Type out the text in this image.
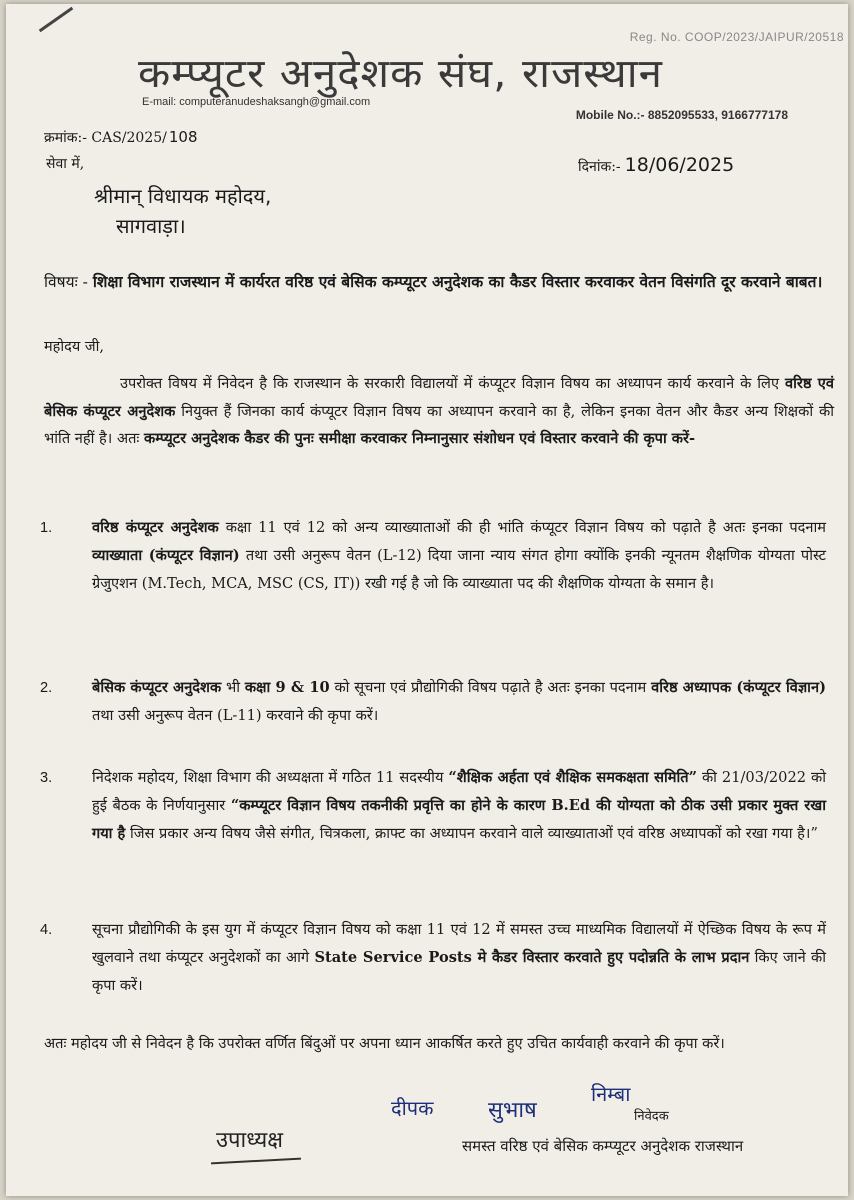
Reg. No. COOP/2023/JAIPUR/20518
कम्प्यूटर अनुदेशक संघ, राजस्थान
E-mail: computeranudeshaksangh@gmail.com
Mobile No.:- 8852095533, 9166777178
क्रमांक:- CAS/2025/ 108
सेवा में,	दिनांक:- 18/06/2025
श्रीमान् विधायक महोदय,
सागवाड़ा।
विषयः - शिक्षा विभाग राजस्थान में कार्यरत वरिष्ठ एवं बेसिक कम्प्यूटर अनुदेशक का कैडर विस्तार करवाकर वेतन विसंगति दूर करवाने बाबत।
महोदय जी,
उपरोक्त विषय में निवेदन है कि राजस्थान के सरकारी विद्यालयों में कंप्यूटर विज्ञान विषय का अध्यापन कार्य करवाने के लिए वरिष्ठ एवं बेसिक कंप्यूटर अनुदेशक नियुक्त हैं जिनका कार्य कंप्यूटर विज्ञान विषय का अध्यापन करवाने का है, लेकिन इनका वेतन और कैडर अन्य शिक्षकों की भांति नहीं है। अतः कम्प्यूटर अनुदेशक कैडर की पुनः समीक्षा करवाकर निम्नानुसार संशोधन एवं विस्तार करवाने की कृपा करें-
1.	वरिष्ठ कंप्यूटर अनुदेशक कक्षा 11 एवं 12 को अन्य व्याख्याताओं की ही भांति कंप्यूटर विज्ञान विषय को पढ़ाते है अतः इनका पदनाम व्याख्याता (कंप्यूटर विज्ञान) तथा उसी अनुरूप वेतन (L-12) दिया जाना न्याय संगत होगा क्योंकि इनकी न्यूनतम शैक्षणिक योग्यता पोस्ट ग्रेजुएशन (M.Tech, MCA, MSC (CS, IT)) रखी गई है जो कि व्याख्याता पद की शैक्षणिक योग्यता के समान है।
2.	बेसिक कंप्यूटर अनुदेशक भी कक्षा 9 & 10 को सूचना एवं प्रौद्योगिकी विषय पढ़ाते है अतः इनका पदनाम वरिष्ठ अध्यापक (कंप्यूटर विज्ञान) तथा उसी अनुरूप वेतन (L-11) करवाने की कृपा करें।
3.	निदेशक महोदय, शिक्षा विभाग की अध्यक्षता में गठित 11 सदस्यीय “शैक्षिक अर्हता एवं शैक्षिक समकक्षता समिति” की 21/03/2022 को हुई बैठक के निर्णयानुसार “कम्प्यूटर विज्ञान विषय तकनीकी प्रवृत्ति का होने के कारण B.Ed की योग्यता को ठीक उसी प्रकार मुक्त रखा गया है जिस प्रकार अन्य विषय जैसे संगीत, चित्रकला, क्राफ्ट का अध्यापन करवाने वाले व्याख्याताओं एवं वरिष्ठ अध्यापकों को रखा गया है।”
4.	सूचना प्रौद्योगिकी के इस युग में कंप्यूटर विज्ञान विषय को कक्षा 11 एवं 12 में समस्त उच्च माध्यमिक विद्यालयों में ऐच्छिक विषय के रूप में खुलवाने तथा कंप्यूटर अनुदेशकों का आगे State Service Posts मे कैडर विस्तार करवाते हुए पदोन्नति के लाभ प्रदान किए जाने की कृपा करें।
अतः महोदय जी से निवेदन है कि उपरोक्त वर्णित बिंदुओं पर अपना ध्यान आकर्षित करते हुए उचित कार्यवाही करवाने की कृपा करें।
उपाध्यक्ष
दीपक सुभाष
निम्बा
निवेदक
समस्त वरिष्ठ एवं बेसिक कम्प्यूटर अनुदेशक राजस्थान
